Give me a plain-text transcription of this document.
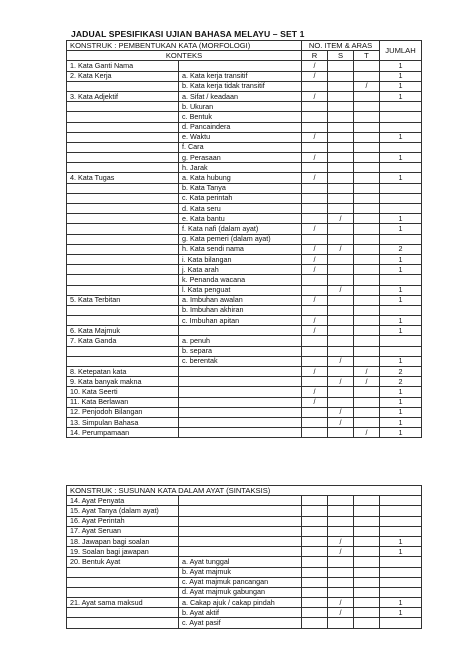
JADUAL SPESIFIKASI UJIAN BAHASA MELAYU – SET 1
KONSTRUK : PEMBENTUKAN KATA (MORFOLOGI)		NO. ITEM & ARAS			JUMLAH
KONTEKS		R	S	T	
1. Kata Ganti Nama		/			1
2. Kata Kerja	a. Kata kerja transitif	/			1
	b. Kata kerja tidak transitif			/	1
3. Kata Adjektif	a. Sifat / keadaan	/			1
	b. Ukuran				
	c. Bentuk				
	d. Pancaindera				
	e. Waktu	/			1
	f. Cara				
	g. Perasaan	/			1
	h. Jarak				
4. Kata Tugas	a. Kata hubung	/			1
	b. Kata Tanya				
	c. Kata perintah				
	d. Kata seru				
	e. Kata bantu		/		1
	f. Kata nafi (dalam ayat)	/			1
	g. Kata pemeri (dalam ayat)				
	h. Kata sendi nama	/	/		2
	i. Kata bilangan	/			1
	j. Kata arah	/			1
	k. Penanda wacana				
	l. Kata penguat		/		1
5. Kata Terbitan	a. Imbuhan awalan	/			1
	b. Imbuhan akhiran				
	c. Imbuhan apitan	/			1
6. Kata Majmuk		/			1
7. Kata Ganda	a. penuh				
	b. separa				
	c. berentak		/		1
8. Ketepatan kata		/		/	2
9. Kata banyak makna			/	/	2
10. Kata Seerti		/			1
11. Kata Berlawan		/			1
12. Penjodoh Bilangan			/		1
13. Simpulan Bahasa			/		1
14. Perumpamaan				/	1
KONSTRUK : SUSUNAN KATA DALAM AYAT (SINTAKSIS)					
14. Ayat Penyata					
15. Ayat Tanya (dalam ayat)					
16. Ayat Perintah					
17. Ayat Seruan					
18. Jawapan bagi soalan			/		1
19. Soalan bagi jawapan			/		1
20. Bentuk Ayat	a. Ayat tunggal				
	b. Ayat majmuk				
	c. Ayat majmuk pancangan				
	d. Ayat majmuk gabungan				
21. Ayat sama maksud	a. Cakap ajuk / cakap pindah		/		1
	b. Ayat aktif		/		1
	c. Ayat pasif				
